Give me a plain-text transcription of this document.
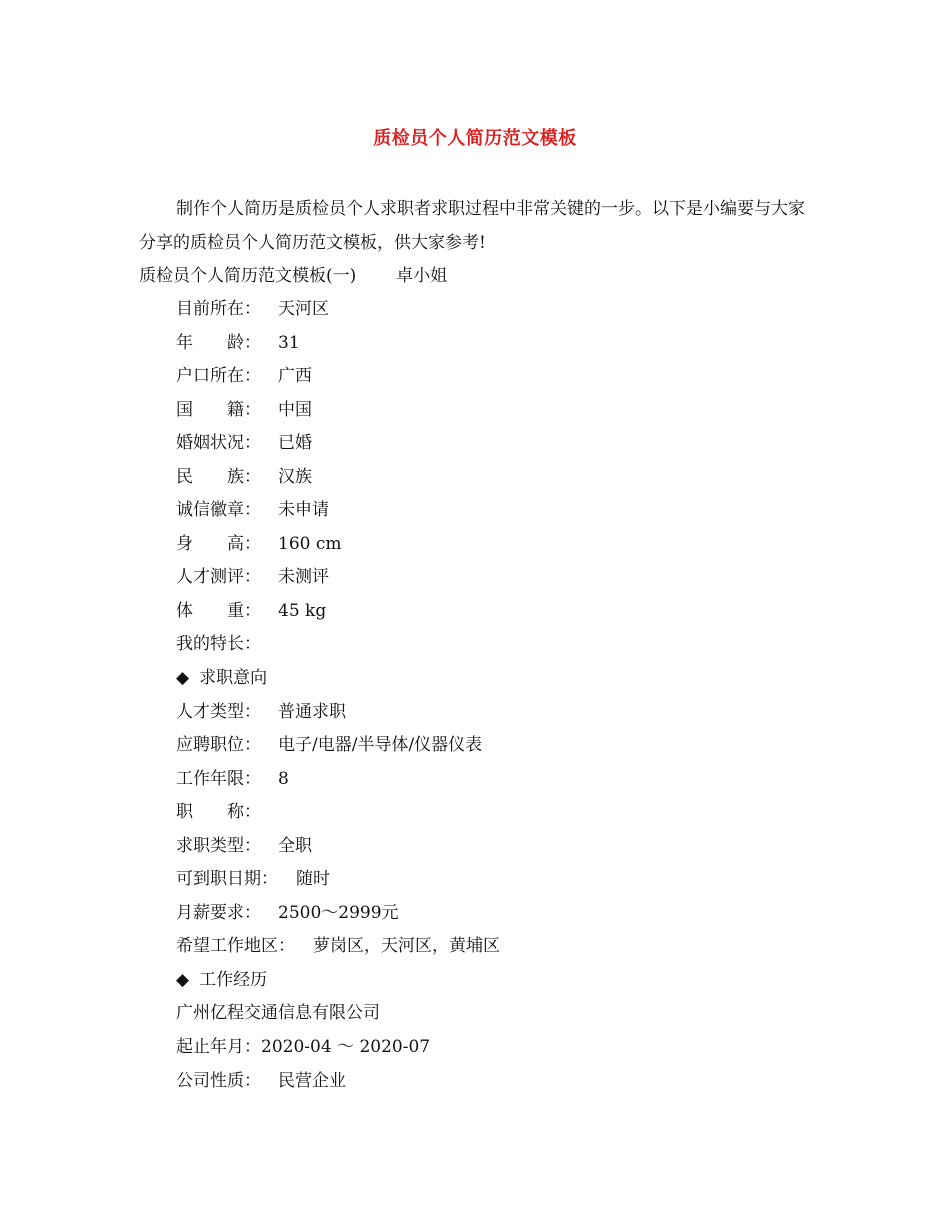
质检员个人简历范文模板
制作个人简历是质检员个人求职者求职过程中非常关键的一步。以下是小编要与大家分享的质检员个人简历范文模板，供大家参考!
质检员个人简历范文模板(一) 卓小姐
目前所在： 天河区
年　　龄： 31
户口所在： 广西
国　　籍： 中国
婚姻状况： 已婚
民　　族： 汉族
诚信徽章： 未申请
身　　高： 160 cm
人才测评： 未测评
体　　重： 45 kg
我的特长：
◆ 求职意向
人才类型： 普通求职
应聘职位： 电子/电器/半导体/仪器仪表
工作年限： 8
职　　称：
求职类型： 全职
可到职日期： 随时
月薪要求： 2500～2999元
希望工作地区： 萝岗区，天河区，黄埔区
◆ 工作经历
广州亿程交通信息有限公司
起止年月：2020-04 ～ 2020-07
公司性质： 民营企业
